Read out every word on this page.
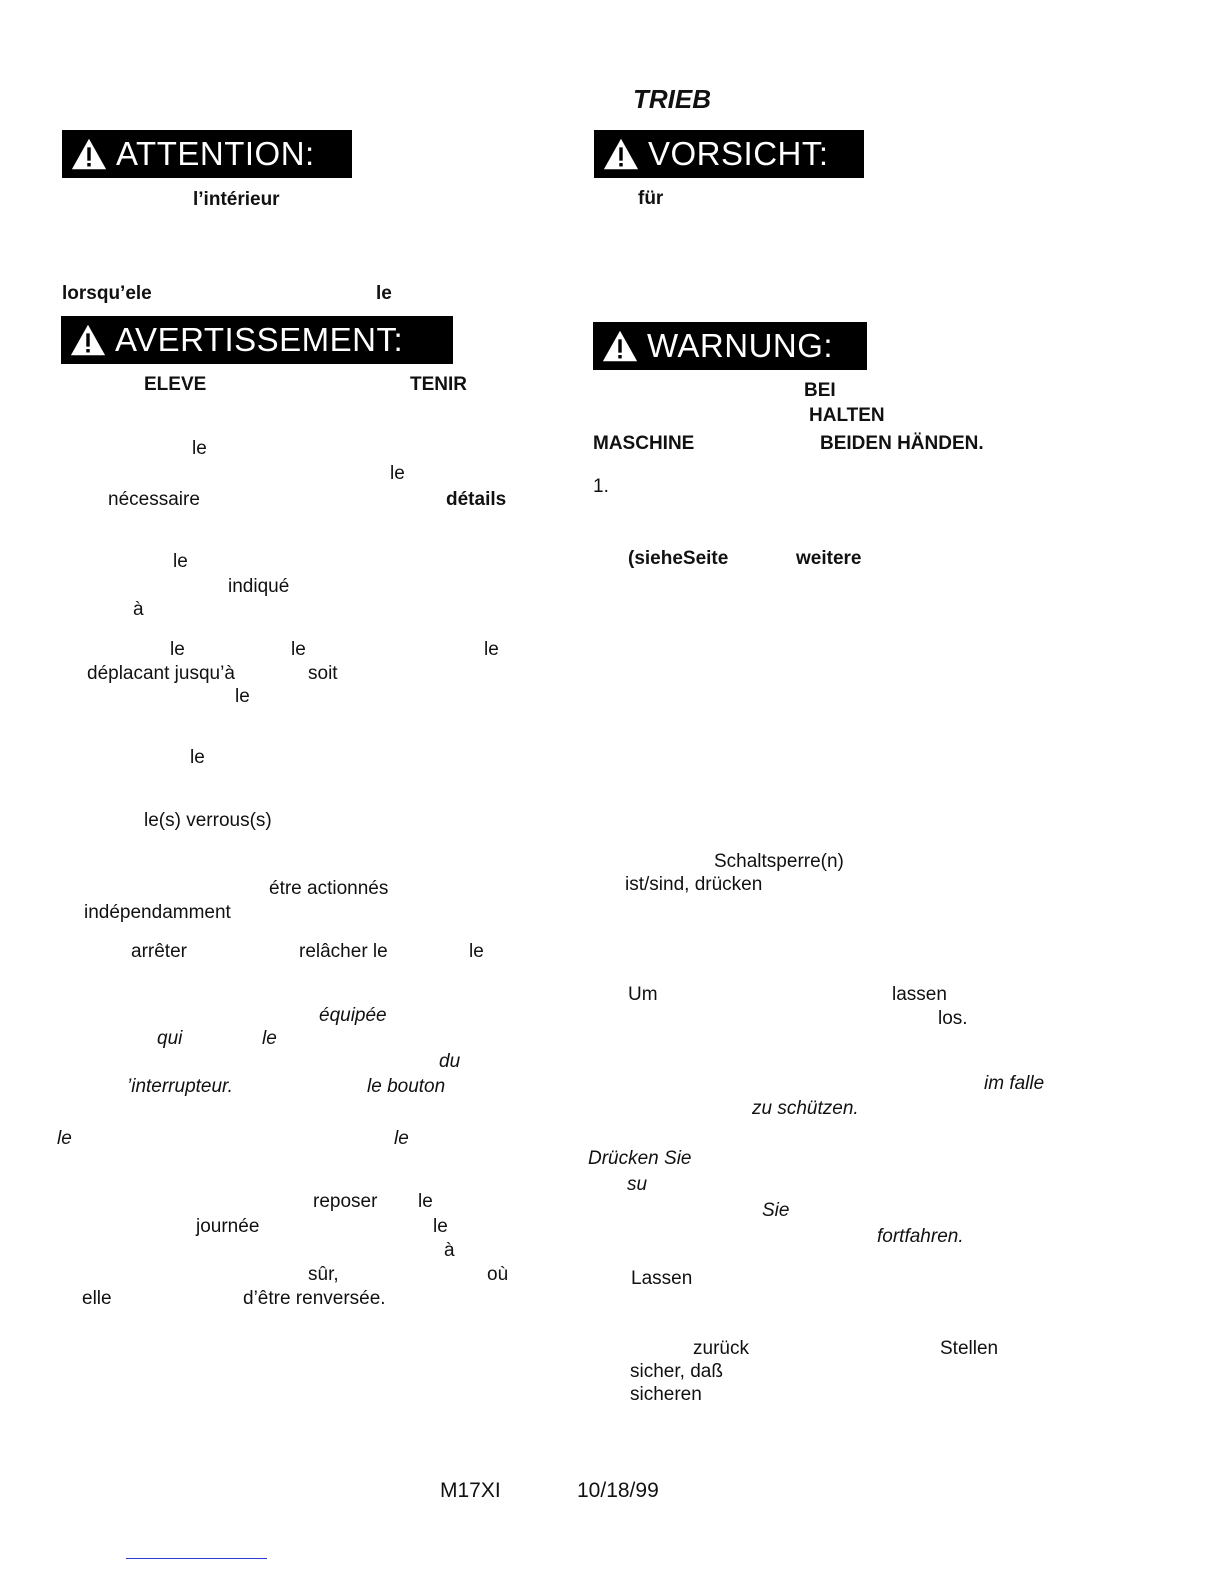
TRIEB
ATTENTION:	VORSICHT:
AVERTISSEMENT:	WARNUNG:
l’intérieur
lorsqu’ele	le
ELEVE	TENIR
le
le
nécessaire	détails
le
indiqué
à
le	le	le
déplacant jusqu’à	soit
le
le
le(s) verrous(s)
étre actionnés
indépendamment
arrêter	relâcher le	le
équipée
qui	le
du
’interrupteur.	le bouton
le	le
reposer le
journée	le
à
sûr,	où
elle	d’être renversée.
für
BEI
HALTEN
MASCHINE	BEIDEN HÄNDEN.
1.
(sieheSeite	weitere
Schaltsperre(n)
ist/sind, drücken
Um	lassen
los.
im falle
zu schützen.
Drücken Sie
su
Sie
fortfahren.
Lassen
zurück	Stellen
sicher, daß
sicheren
M17XI	10/18/99
